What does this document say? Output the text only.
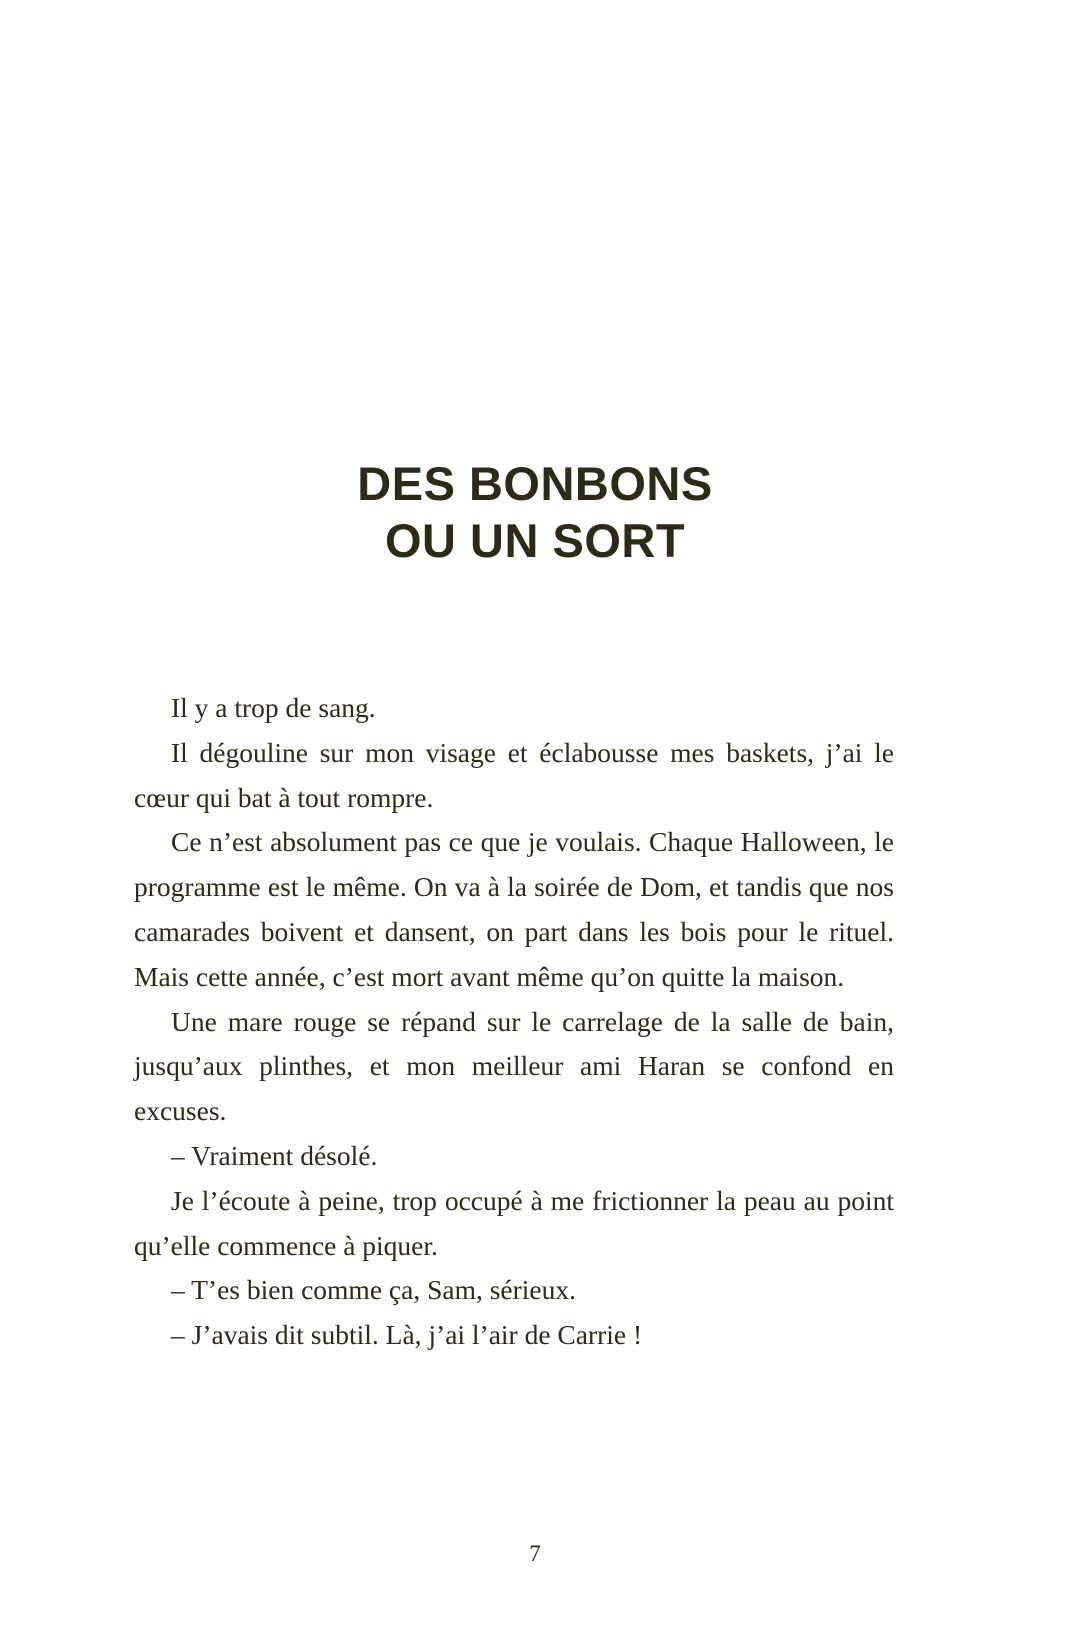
DES BONBONS
OU UN SORT

Il y a trop de sang.

Il dégouline sur mon visage et éclabousse mes baskets, j’ai le cœur qui bat à tout rompre.

Ce n’est absolument pas ce que je voulais. Chaque Halloween, le programme est le même. On va à la soirée de Dom, et tandis que nos camarades boivent et dansent, on part dans les bois pour le rituel. Mais cette année, c’est mort avant même qu’on quitte la maison.

Une mare rouge se répand sur le carrelage de la salle de bain, jusqu’aux plinthes, et mon meilleur ami Haran se confond en excuses.

– Vraiment désolé.

Je l’écoute à peine, trop occupé à me frictionner la peau au point qu’elle commence à piquer.

– T’es bien comme ça, Sam, sérieux.

– J’avais dit subtil. Là, j’ai l’air de Carrie !

7
